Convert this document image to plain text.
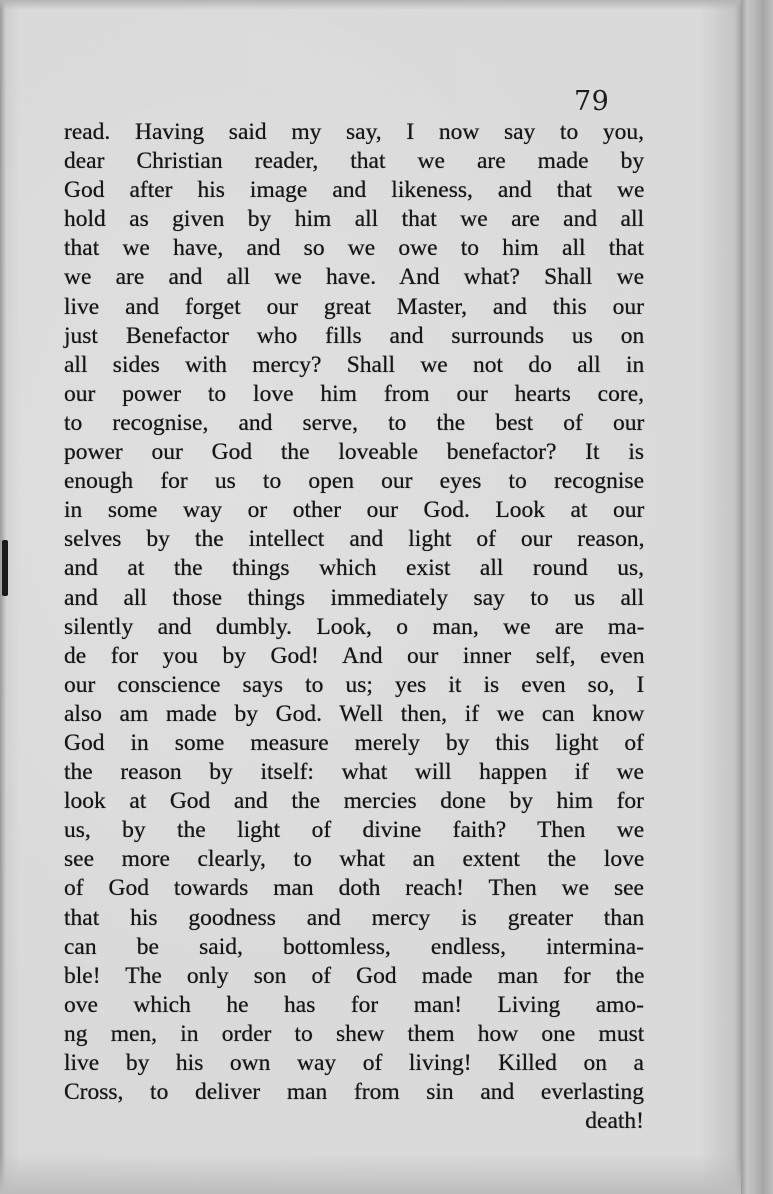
79
read. Having said my say, I now say to you,
dear Christian reader, that we are made by
God after his image and likeness, and that we
hold as given by him all that we are and all
that we have, and so we owe to him all that
we are and all we have. And what? Shall we
live and forget our great Master, and this our
just Benefactor who fills and surrounds us on
all sides with mercy? Shall we not do all in
our power to love him from our hearts core,
to recognise, and serve, to the best of our
power our God the loveable benefactor? It is
enough for us to open our eyes to recognise
in some way or other our God. Look at our
selves by the intellect and light of our reason,
and at the things which exist all round us,
and all those things immediately say to us all
silently and dumbly. Look, o man, we are ma-
de for you by God! And our inner self, even
our conscience says to us; yes it is even so, I
also am made by God. Well then, if we can know
God in some measure merely by this light of
the reason by itself: what will happen if we
look at God and the mercies done by him for
us, by the light of divine faith? Then we
see more clearly, to what an extent the love
of God towards man doth reach! Then we see
that his goodness and mercy is greater than
can be said, bottomless, endless, intermina-
ble! The only son of God made man for the
ove which he has for man! Living amo-
ng men, in order to shew them how one must
live by his own way of living! Killed on a
Cross, to deliver man from sin and everlasting
death!
